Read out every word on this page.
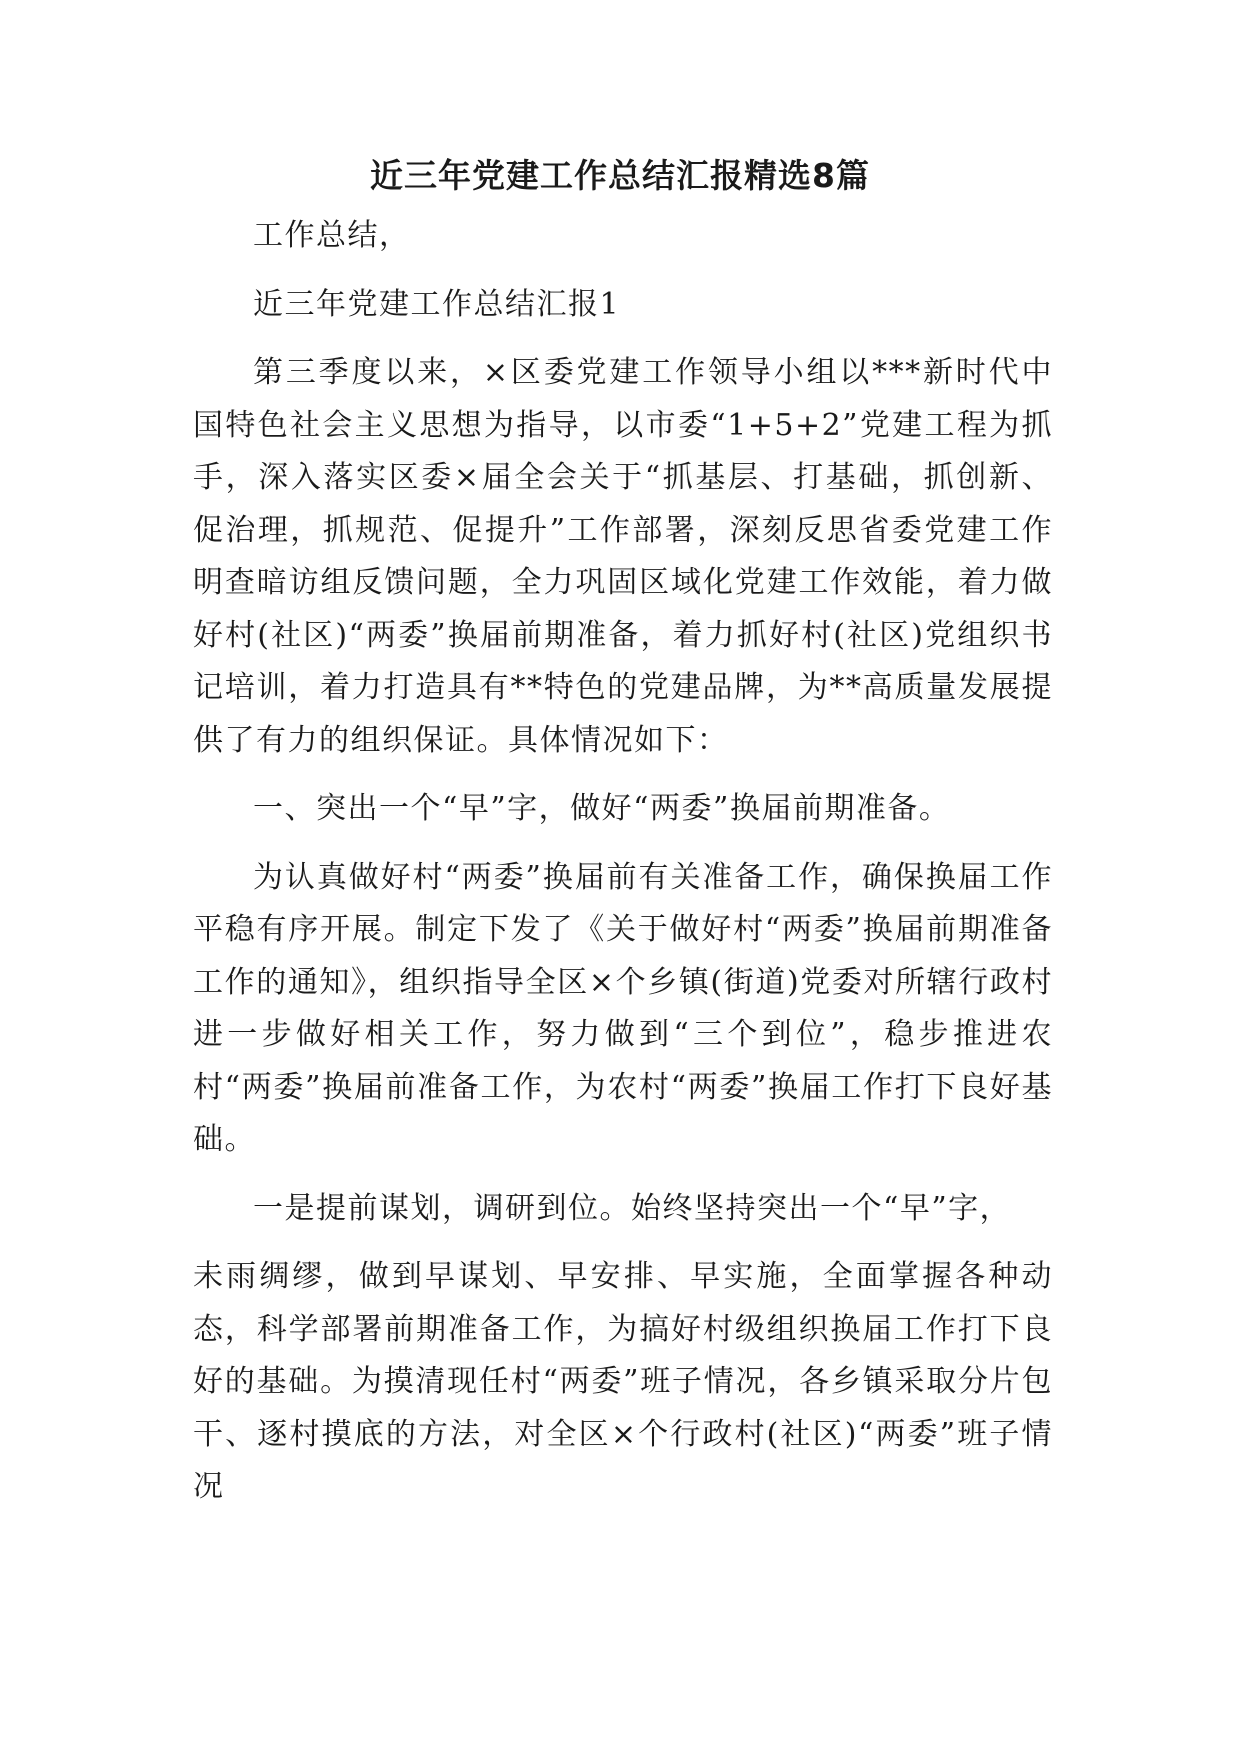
近三年党建工作总结汇报精选8篇

工作总结，

近三年党建工作总结汇报1

第三季度以来，×区委党建工作领导小组以***新时代中国特色社会主义思想为指导，以市委“1+5+2”党建工程为抓手，深入落实区委×届全会关于“抓基层、打基础，抓创新、促治理，抓规范、促提升”工作部署，深刻反思省委党建工作明查暗访组反馈问题，全力巩固区域化党建工作效能，着力做好村(社区)“两委”换届前期准备，着力抓好村(社区)党组织书记培训，着力打造具有**特色的党建品牌，为**高质量发展提供了有力的组织保证。具体情况如下：

一、突出一个“早”字，做好“两委”换届前期准备。

为认真做好村“两委”换届前有关准备工作，确保换届工作平稳有序开展。制定下发了《关于做好村“两委”换届前期准备工作的通知》，组织指导全区×个乡镇(街道)党委对所辖行政村进一步做好相关工作，努力做到“三个到位”，稳步推进农村“两委”换届前准备工作，为农村“两委”换届工作打下良好基础。

一是提前谋划，调研到位。始终坚持突出一个“早”字，

未雨绸缪，做到早谋划、早安排、早实施，全面掌握各种动态，科学部署前期准备工作，为搞好村级组织换届工作打下良好的基础。为摸清现任村“两委”班子情况，各乡镇采取分片包干、逐村摸底的方法，对全区×个行政村(社区)“两委”班子情况
